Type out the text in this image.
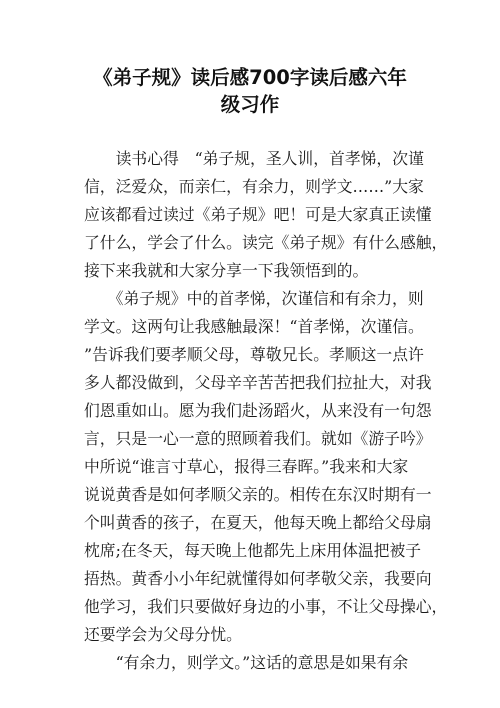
《弟子规》读后感700字读后感六年
级习作
　　读书心得　“弟子规，圣人训，首孝悌，次谨
信，泛爱众，而亲仁，有余力，则学文……”大家
应该都看过读过《弟子规》吧！可是大家真正读懂
了什么，学会了什么。读完《弟子规》有什么感触，
接下来我就和大家分享一下我领悟到的。
　　《弟子规》中的首孝悌，次谨信和有余力，则
学文。这两句让我感触最深！“首孝悌，次谨信。
”告诉我们要孝顺父母，尊敬兄长。孝顺这一点许
多人都没做到，父母辛辛苦苦把我们拉扯大，对我
们恩重如山。愿为我们赴汤蹈火，从来没有一句怨
言，只是一心一意的照顾着我们。就如《游子吟》
中所说“谁言寸草心，报得三春晖。”我来和大家
说说黄香是如何孝顺父亲的。相传在东汉时期有一
个叫黄香的孩子，在夏天，他每天晚上都给父母扇
枕席;在冬天，每天晚上他都先上床用体温把被子
捂热。黄香小小年纪就懂得如何孝敬父亲，我要向
他学习，我们只要做好身边的小事，不让父母操心，
还要学会为父母分忧。
　　“有余力，则学文。”这话的意思是如果有余
